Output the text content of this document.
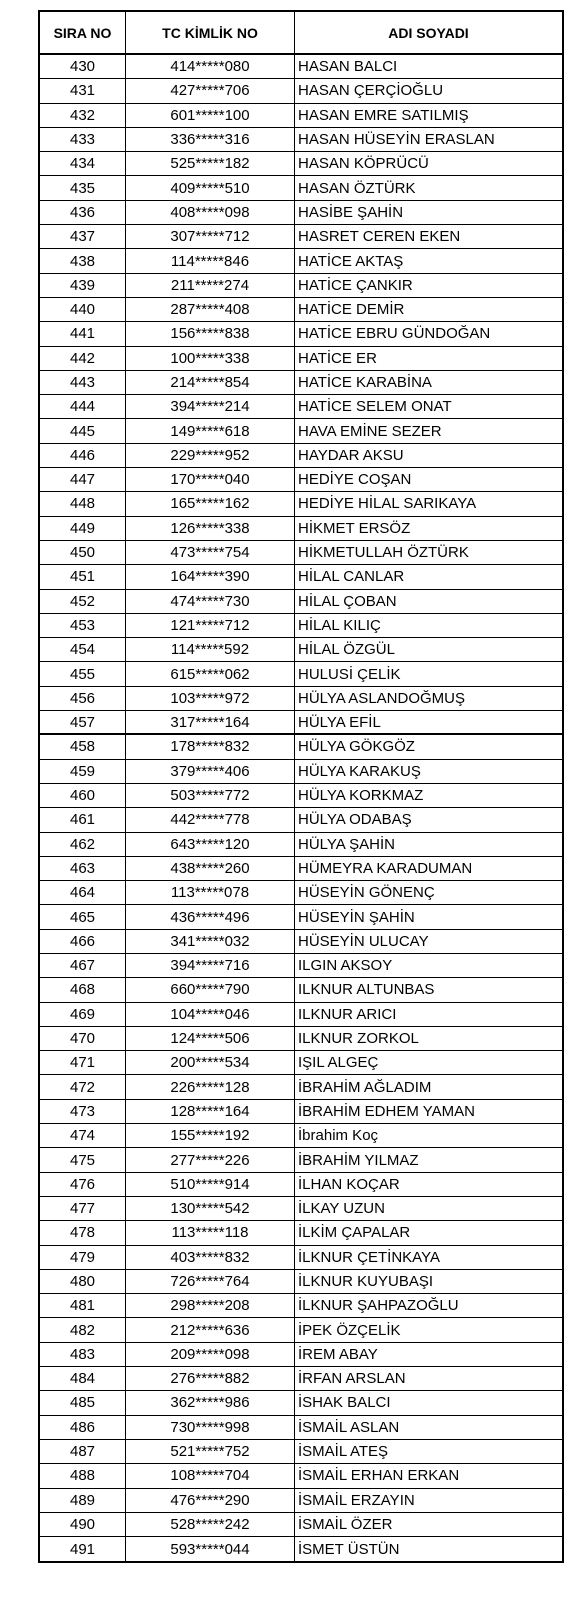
SIRA NO	TC KİMLİK NO	ADI SOYADI
430	414*****080	HASAN BALCI
431	427*****706	HASAN ÇERÇİOĞLU
432	601*****100	HASAN EMRE SATILMIŞ
433	336*****316	HASAN HÜSEYİN ERASLAN
434	525*****182	HASAN KÖPRÜCÜ
435	409*****510	HASAN ÖZTÜRK
436	408*****098	HASİBE ŞAHİN
437	307*****712	HASRET CEREN EKEN
438	114*****846	HATİCE AKTAŞ
439	211*****274	HATİCE ÇANKIR
440	287*****408	HATİCE DEMİR
441	156*****838	HATİCE EBRU GÜNDOĞAN
442	100*****338	HATİCE ER
443	214*****854	HATİCE KARABİNA
444	394*****214	HATİCE SELEM ONAT
445	149*****618	HAVA EMİNE SEZER
446	229*****952	HAYDAR AKSU
447	170*****040	HEDİYE COŞAN
448	165*****162	HEDİYE HİLAL SARIKAYA
449	126*****338	HİKMET ERSÖZ
450	473*****754	HİKMETULLAH ÖZTÜRK
451	164*****390	HİLAL CANLAR
452	474*****730	HİLAL ÇOBAN
453	121*****712	HİLAL KILIÇ
454	114*****592	HİLAL ÖZGÜL
455	615*****062	HULUSİ ÇELİK
456	103*****972	HÜLYA ASLANDOĞMUŞ
457	317*****164	HÜLYA EFİL
458	178*****832	HÜLYA GÖKGÖZ
459	379*****406	HÜLYA KARAKUŞ
460	503*****772	HÜLYA KORKMAZ
461	442*****778	HÜLYA ODABAŞ
462	643*****120	HÜLYA ŞAHİN
463	438*****260	HÜMEYRA KARADUMAN
464	113*****078	HÜSEYİN GÖNENÇ
465	436*****496	HÜSEYİN ŞAHİN
466	341*****032	HÜSEYİN ULUCAY
467	394*****716	ILGIN AKSOY
468	660*****790	ILKNUR ALTUNBAS
469	104*****046	ILKNUR ARICI
470	124*****506	ILKNUR ZORKOL
471	200*****534	IŞIL ALGEÇ
472	226*****128	İBRAHİM AĞLADIM
473	128*****164	İBRAHİM EDHEM YAMAN
474	155*****192	İbrahim Koç
475	277*****226	İBRAHİM YILMAZ
476	510*****914	İLHAN KOÇAR
477	130*****542	İLKAY UZUN
478	113*****118	İLKİM ÇAPALAR
479	403*****832	İLKNUR ÇETİNKAYA
480	726*****764	İLKNUR KUYUBAŞI
481	298*****208	İLKNUR ŞAHPAZOĞLU
482	212*****636	İPEK ÖZÇELİK
483	209*****098	İREM ABAY
484	276*****882	İRFAN ARSLAN
485	362*****986	İSHAK BALCI
486	730*****998	İSMAİL ASLAN
487	521*****752	İSMAİL ATEŞ
488	108*****704	İSMAİL ERHAN ERKAN
489	476*****290	İSMAİL ERZAYIN
490	528*****242	İSMAİL ÖZER
491	593*****044	İSMET ÜSTÜN
